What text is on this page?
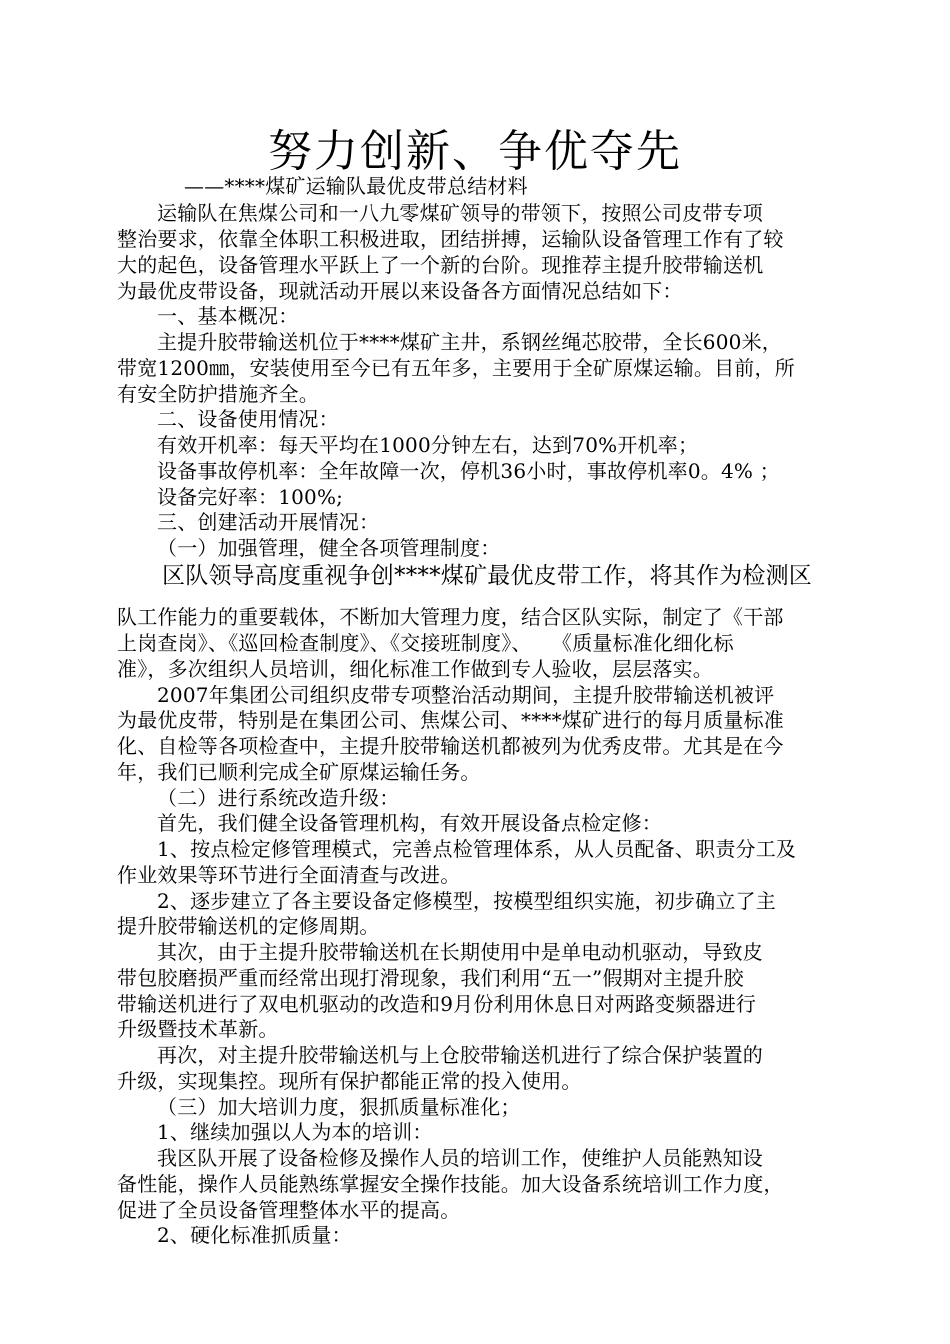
努力创新、争优夺先
——****煤矿运输队最优皮带总结材料
运输队在焦煤公司和一八九零煤矿领导的带领下，按照公司皮带专项
整治要求，依靠全体职工积极进取，团结拼搏，运输队设备管理工作有了较
大的起色，设备管理水平跃上了一个新的台阶。现推荐主提升胶带输送机
为最优皮带设备，现就活动开展以来设备各方面情况总结如下：
一、基本概况：
主提升胶带输送机位于****煤矿主井，系钢丝绳芯胶带，全长600米，
带宽1200㎜，安装使用至今已有五年多，主要用于全矿原煤运输。目前，所
有安全防护措施齐全。
二、设备使用情况：
有效开机率：每天平均在1000分钟左右，达到70%开机率；
设备事故停机率：全年故障一次，停机36小时，事故停机率0。4% ；
设备完好率：100%;
三、创建活动开展情况：
（一）加强管理，健全各项管理制度：
区队领导高度重视争创****煤矿最优皮带工作，将其作为检测区
队工作能力的重要载体，不断加大管理力度，结合区队实际，制定了《干部
上岗查岗》、《巡回检查制度》、《交接班制度》、　　《质量标准化细化标
准》，多次组织人员培训，细化标准工作做到专人验收，层层落实。
2007年集团公司组织皮带专项整治活动期间，主提升胶带输送机被评
为最优皮带，特别是在集团公司、焦煤公司、****煤矿进行的每月质量标准
化、自检等各项检查中，主提升胶带输送机都被列为优秀皮带。尤其是在今
年，我们已顺利完成全矿原煤运输任务。
（二）进行系统改造升级：
首先，我们健全设备管理机构，有效开展设备点检定修：
1、按点检定修管理模式，完善点检管理体系，从人员配备、职责分工及
作业效果等环节进行全面清查与改进。
2、逐步建立了各主要设备定修模型，按模型组织实施，初步确立了主
提升胶带输送机的定修周期。
其次，由于主提升胶带输送机在长期使用中是单电动机驱动，导致皮
带包胶磨损严重而经常出现打滑现象，我们利用“五一”假期对主提升胶
带输送机进行了双电机驱动的改造和9月份利用休息日对两路变频器进行
升级暨技术革新。
再次，对主提升胶带输送机与上仓胶带输送机进行了综合保护装置的
升级，实现集控。现所有保护都能正常的投入使用。
（三）加大培训力度，狠抓质量标准化；
1、继续加强以人为本的培训：
我区队开展了设备检修及操作人员的培训工作，使维护人员能熟知设
备性能，操作人员能熟练掌握安全操作技能。加大设备系统培训工作力度，
促进了全员设备管理整体水平的提高。
2、硬化标准抓质量：
